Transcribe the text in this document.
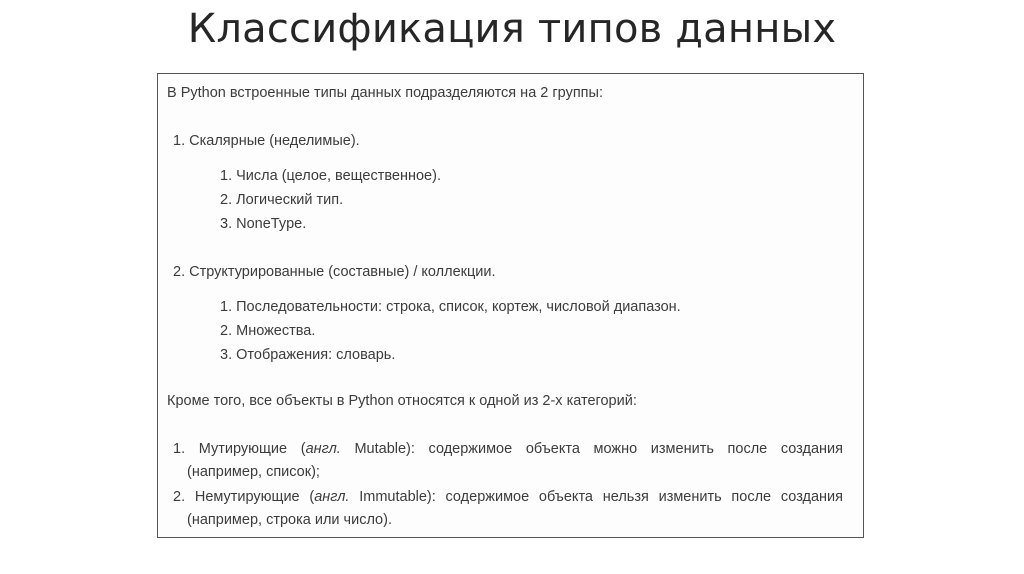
Классификация типов данных
В Python встроенные типы данных подразделяются на 2 группы:
1. Скалярные (неделимые).
1. Числа (целое, вещественное).
2. Логический тип.
3. NoneType.
2. Структурированные (составные) / коллекции.
1. Последовательности: строка, список, кортеж, числовой диапазон.
2. Множества.
3. Отображения: словарь.
Кроме того, все объекты в Python относятся к одной из 2-х категорий:
1. Мутирующие (англ. Mutable): содержимое объекта можно изменить после создания
(например, список);
2. Немутирующие (англ. Immutable): содержимое объекта нельзя изменить после создания
(например, строка или число).
